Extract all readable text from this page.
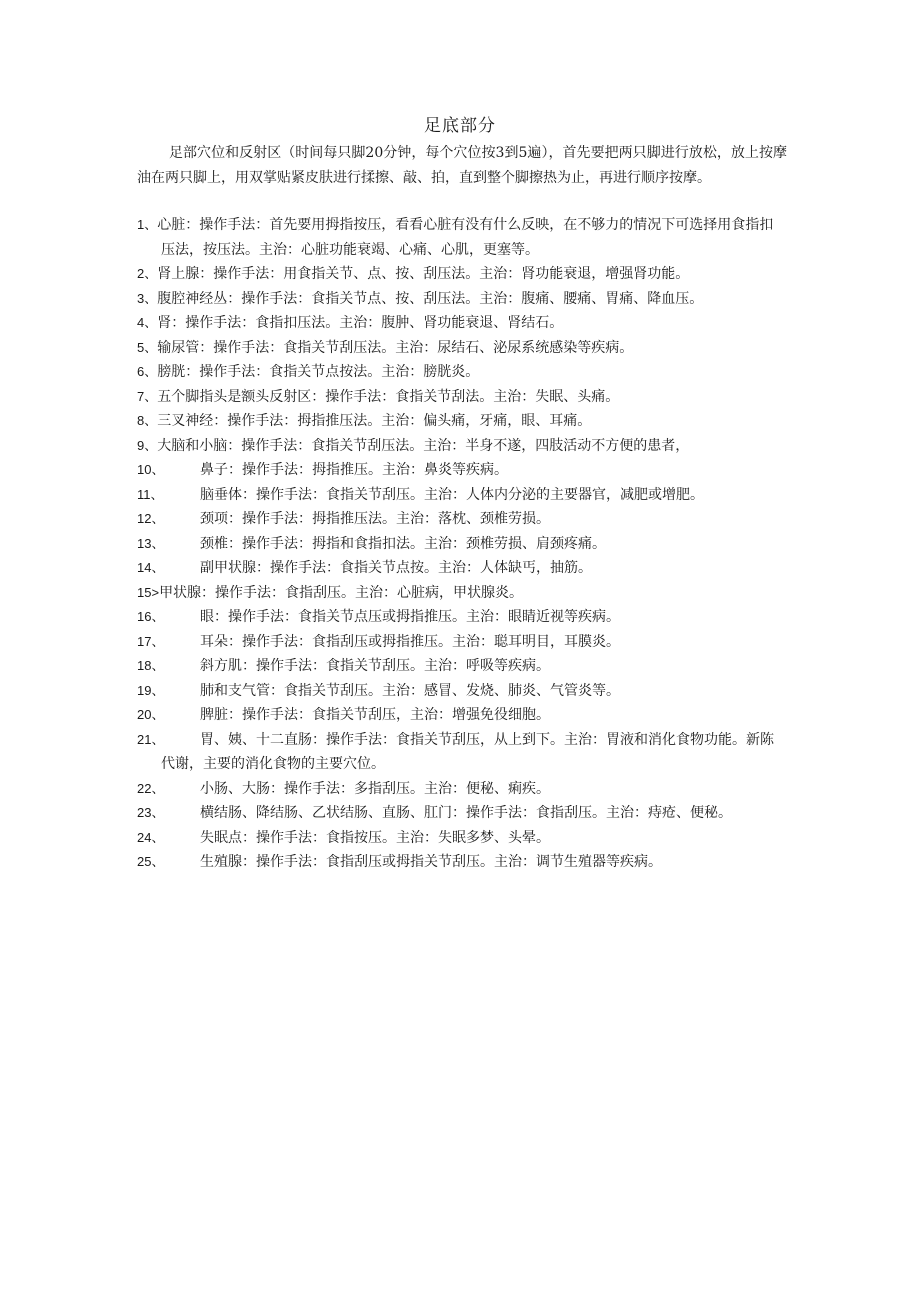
足底部分
足部穴位和反射区（时间每只脚20分钟，每个穴位按3到5遍），首先要把两只脚进行放松，放上按摩油在两只脚上，用双掌贴紧皮肤进行揉擦、敲、拍，直到整个脚擦热为止，再进行顺序按摩。
1、心脏：操作手法：首先要用拇指按压，看看心脏有没有什么反映，在不够力的情况下可选择用食指扣压法，按压法。主治：心脏功能衰竭、心痛、心肌，更塞等。
2、 肾上腺：操作手法：用食指关节、点、按、刮压法。主治：肾功能衰退，增强肾功能。
3、 腹腔神经丛：操作手法：食指关节点、按、刮压法。主治：腹痛、腰痛、胃痛、降血压。
4、 肾：操作手法：食指扣压法。主治：腹肿、肾功能衰退、肾结石。
5、 输尿管：操作手法：食指关节刮压法。主治：尿结石、泌尿系统感染等疾病。
6、 膀胱：操作手法：食指关节点按法。主治：膀胱炎。
7、 五个脚指头是额头反射区：操作手法：食指关节刮法。主治：失眠、头痛。
8、 三叉神经：操作手法：拇指推压法。主治：偏头痛，牙痛，眼、耳痛。
9、 大脑和小脑：操作手法：食指关节刮压法。主治：半身不遂，四肢活动不方便的患者，
10、	鼻子：操作手法：拇指推压。主治：鼻炎等疾病。
11、	脑垂体：操作手法：食指关节刮压。主治：人体内分泌的主要器官，减肥或增肥。
12、	颈项：操作手法：拇指推压法。主治：落枕、颈椎劳损。
13、	颈椎：操作手法：拇指和食指扣法。主治：颈椎劳损、肩颈疼痛。
14、	副甲状腺：操作手法：食指关节点按。主治：人体缺丐，抽筋。
15> 甲状腺：操作手法：食指刮压。主治：心脏病，甲状腺炎。
16、	眼：操作手法：食指关节点压或拇指推压。主治：眼睛近视等疾病。
17、	耳朵：操作手法：食指刮压或拇指推压。主治：聪耳明目，耳膜炎。
18、	斜方肌：操作手法：食指关节刮压。主治：呼吸等疾病。
19、	肺和支气管：食指关节刮压。主治：感冒、发烧、肺炎、气管炎等。
20、	脾脏：操作手法：食指关节刮压，主治：增强免役细胞。
21、	胃、姨、十二直肠：操作手法：食指关节刮压，从上到下。主治：胃液和消化食物功能。新陈代谢，主要的消化食物的主要穴位。
22、	小肠、大肠：操作手法：多指刮压。主治：便秘、痢疾。
23、	横结肠、降结肠、乙状结肠、直肠、肛门：操作手法：食指刮压。主治：痔疮、便秘。
24、	失眠点：操作手法：食指按压。主治：失眠多梦、头晕。
25、	生殖腺：操作手法：食指刮压或拇指关节刮压。主治：调节生殖器等疾病。
